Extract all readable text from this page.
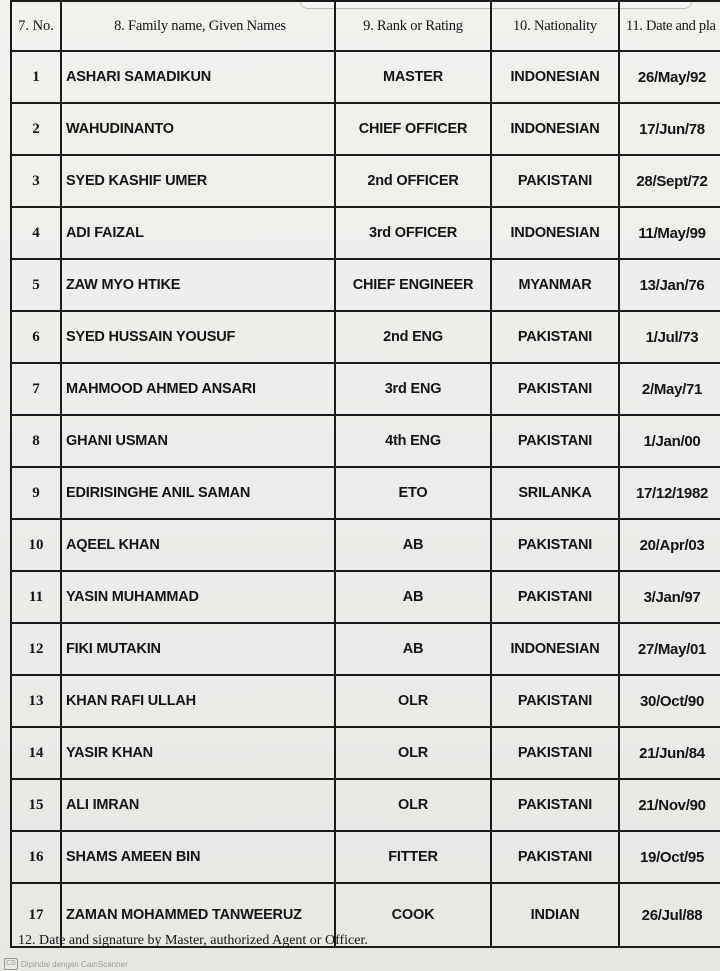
7. No.	8. Family name, Given Names	9. Rank or Rating	10. Nationality	11. Date and pla	
1	ASHARI SAMADIKUN	MASTER	INDONESIAN	26/May/92	
2	WAHUDINANTO	CHIEF OFFICER	INDONESIAN	17/Jun/78	
3	SYED KASHIF UMER	2nd OFFICER	PAKISTANI	28/Sept/72	
4	ADI FAIZAL	3rd OFFICER	INDONESIAN	11/May/99	
5	ZAW MYO HTIKE	CHIEF ENGINEER	MYANMAR	13/Jan/76	
6	SYED HUSSAIN YOUSUF	2nd ENG	PAKISTANI	1/Jul/73	
7	MAHMOOD AHMED ANSARI	3rd ENG	PAKISTANI	2/May/71	
8	GHANI USMAN	4th ENG	PAKISTANI	1/Jan/00	
9	EDIRISINGHE ANIL SAMAN	ETO	SRILANKA	17/12/1982	
10	AQEEL KHAN	AB	PAKISTANI	20/Apr/03	
11	YASIN MUHAMMAD	AB	PAKISTANI	3/Jan/97	
12	FIKI MUTAKIN	AB	INDONESIAN	27/May/01	
13	KHAN RAFI ULLAH	OLR	PAKISTANI	30/Oct/90	
14	YASIR KHAN	OLR	PAKISTANI	21/Jun/84	
15	ALI IMRAN	OLR	PAKISTANI	21/Nov/90	
16	SHAMS AMEEN BIN	FITTER	PAKISTANI	19/Oct/95	
17	ZAMAN MOHAMMED TANWEERUZ	COOK	INDIAN	26/Jul/88	
12. Date and signature by Master, authorized Agent or Officer.
CS Dipindai dengan CamScanner
